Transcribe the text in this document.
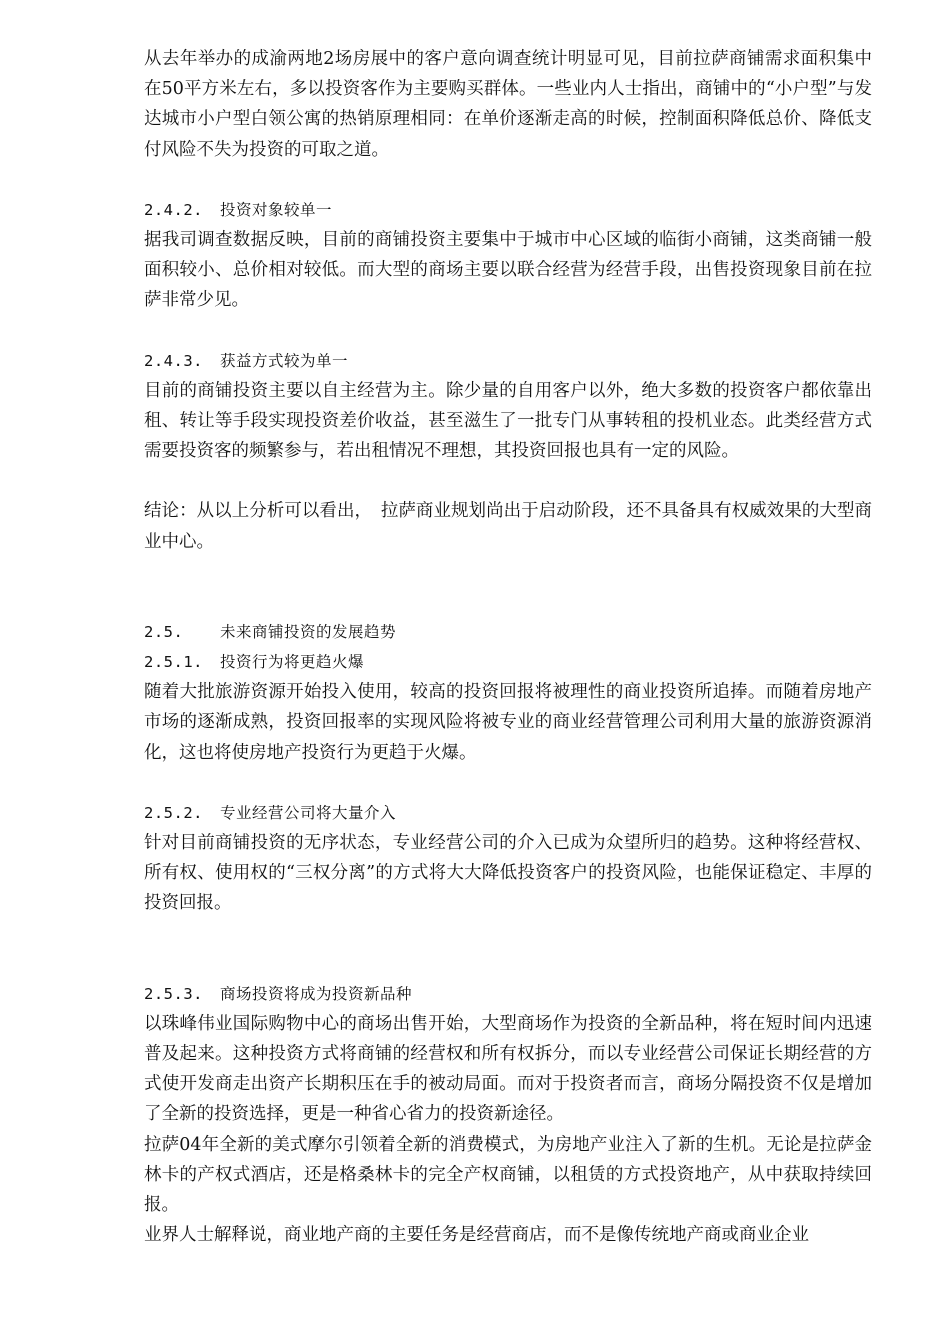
从去年举办的成渝两地2场房展中的客户意向调查统计明显可见，目前拉萨商铺需求面积集中在50平方米左右，多以投资客作为主要购买群体。一些业内人士指出，商铺中的“小户型”与发达城市小户型白领公寓的热销原理相同：在单价逐渐走高的时候，控制面积降低总价、降低支付风险不失为投资的可取之道。

2.4.2. 投资对象较单一

据我司调查数据反映，目前的商铺投资主要集中于城市中心区域的临街小商铺，这类商铺一般面积较小、总价相对较低。而大型的商场主要以联合经营为经营手段，出售投资现象目前在拉萨非常少见。

2.4.3. 获益方式较为单一

目前的商铺投资主要以自主经营为主。除少量的自用客户以外，绝大多数的投资客户都依靠出租、转让等手段实现投资差价收益，甚至滋生了一批专门从事转租的投机业态。此类经营方式需要投资客的频繁参与，若出租情况不理想，其投资回报也具有一定的风险。

结论：从以上分析可以看出，　拉萨商业规划尚出于启动阶段，还不具备具有权威效果的大型商业中心。

2.5. 未来商铺投资的发展趋势
2.5.1. 投资行为将更趋火爆

随着大批旅游资源开始投入使用，较高的投资回报将被理性的商业投资所追捧。而随着房地产市场的逐渐成熟，投资回报率的实现风险将被专业的商业经营管理公司利用大量的旅游资源消化，这也将使房地产投资行为更趋于火爆。

2.5.2. 专业经营公司将大量介入

针对目前商铺投资的无序状态，专业经营公司的介入已成为众望所归的趋势。这种将经营权、所有权、使用权的“三权分离”的方式将大大降低投资客户的投资风险，也能保证稳定、丰厚的投资回报。

2.5.3. 商场投资将成为投资新品种

以珠峰伟业国际购物中心的商场出售开始，大型商场作为投资的全新品种，将在短时间内迅速普及起来。这种投资方式将商铺的经营权和所有权拆分，而以专业经营公司保证长期经营的方式使开发商走出资产长期积压在手的被动局面。而对于投资者而言，商场分隔投资不仅是增加了全新的投资选择，更是一种省心省力的投资新途径。

拉萨04年全新的美式摩尔引领着全新的消费模式，为房地产业注入了新的生机。无论是拉萨金林卡的产权式酒店，还是格桑林卡的完全产权商铺，以租赁的方式投资地产，从中获取持续回报。

业界人士解释说，商业地产商的主要任务是经营商店，而不是像传统地产商或商业企业
